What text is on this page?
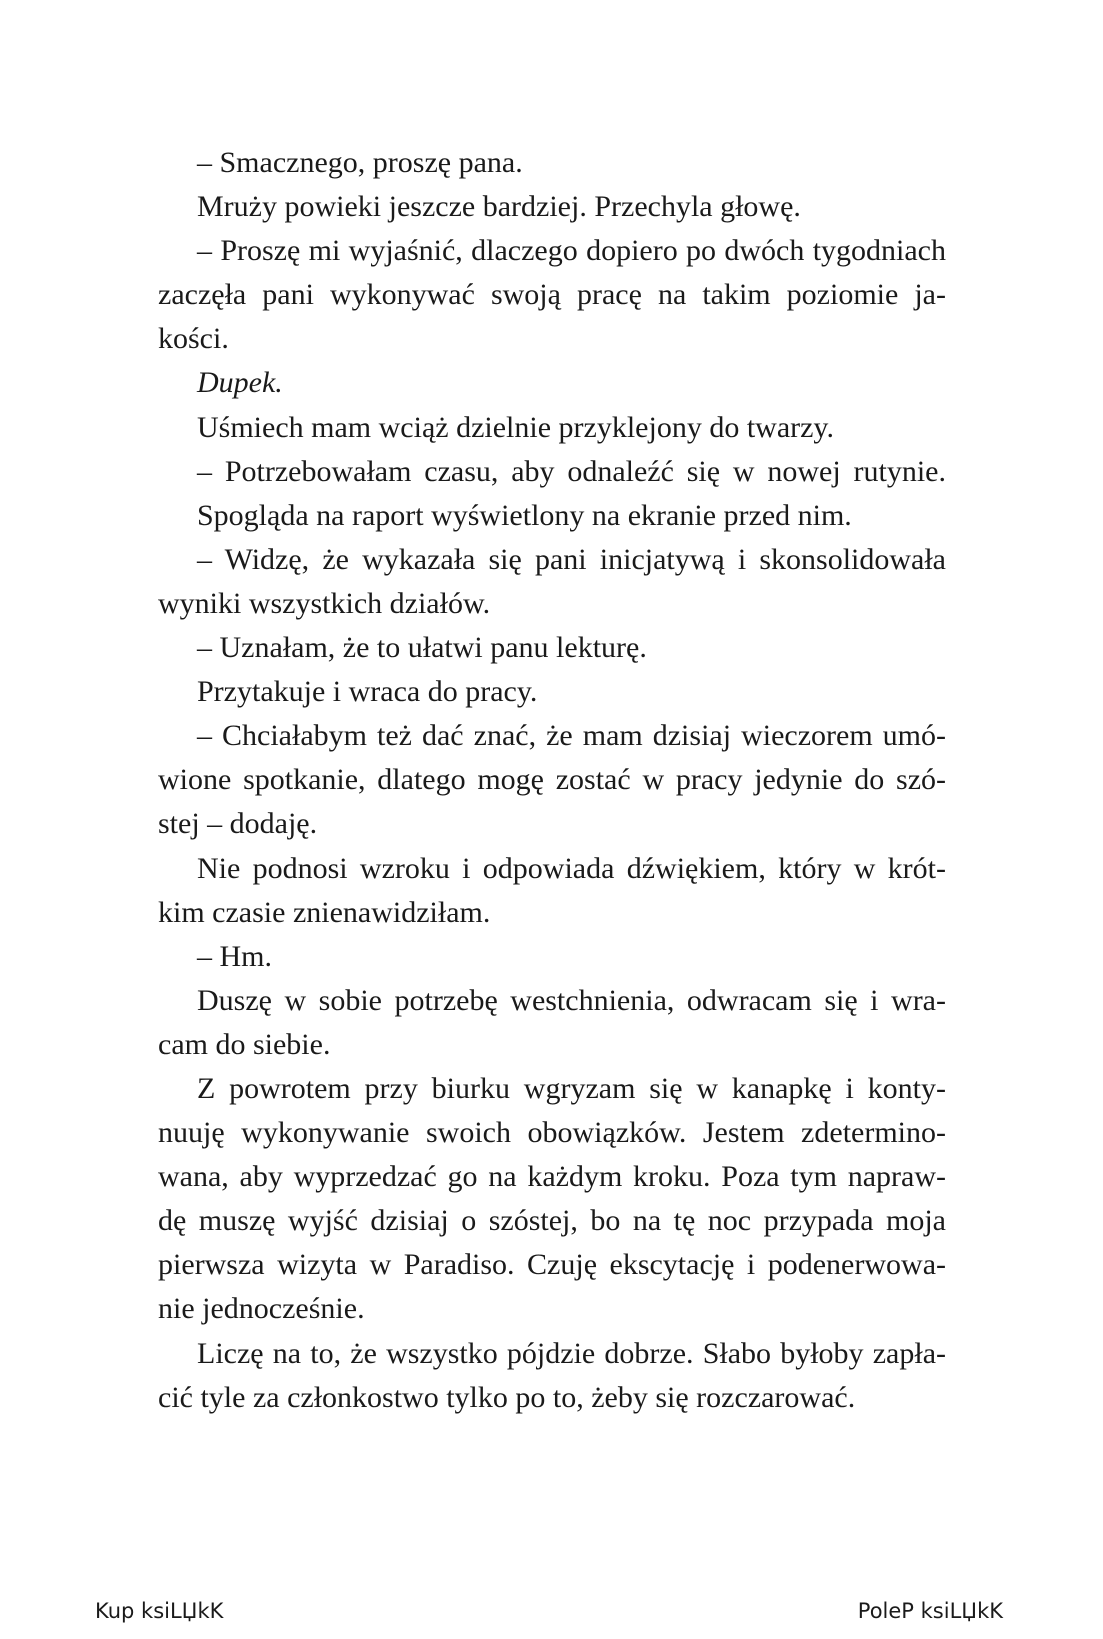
– Smacznego, proszę pana.
Mruży powieki jeszcze bardziej. Przechyla głowę.
– Proszę mi wyjaśnić, dlaczego dopiero po dwóch tygodniach
zaczęła pani wykonywać swoją pracę na takim poziomie ja-
kości.
Dupek.
Uśmiech mam wciąż dzielnie przyklejony do twarzy.
– Potrzebowałam czasu, aby odnaleźć się w nowej rutynie.
Spogląda na raport wyświetlony na ekranie przed nim.
– Widzę, że wykazała się pani inicjatywą i skonsolidowała
wyniki wszystkich działów.
– Uznałam, że to ułatwi panu lekturę.
Przytakuje i wraca do pracy.
– Chciałabym też dać znać, że mam dzisiaj wieczorem umó-
wione spotkanie, dlatego mogę zostać w pracy jedynie do szó-
stej – dodaję.
Nie podnosi wzroku i odpowiada dźwiękiem, który w krót-
kim czasie znienawidziłam.
– Hm.
Duszę w sobie potrzebę westchnienia, odwracam się i wra-
cam do siebie.
Z powrotem przy biurku wgryzam się w kanapkę i konty-
nuuję wykonywanie swoich obowiązków. Jestem zdetermino-
wana, aby wyprzedzać go na każdym kroku. Poza tym napraw-
dę muszę wyjść dzisiaj o szóstej, bo na tę noc przypada moja
pierwsza wizyta w Paradiso. Czuję ekscytację i podenerwowa-
nie jednocześnie.
Liczę na to, że wszystko pójdzie dobrze. Słabo byłoby zapła-
cić tyle za członkostwo tylko po to, żeby się rozczarować.
Kup ksiLЏkK	PoleP ksiLЏkK
